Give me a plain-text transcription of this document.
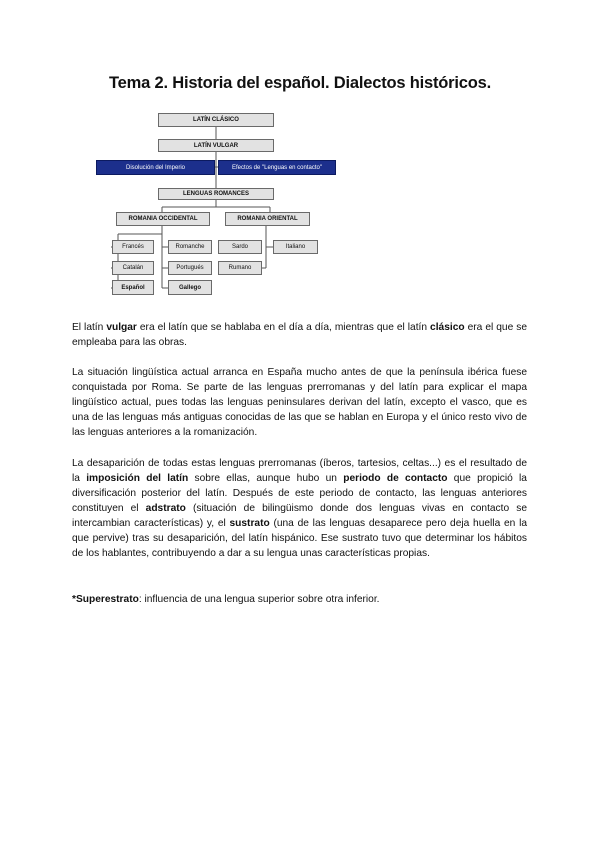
Tema 2. Historia del español. Dialectos históricos.
LATÍN CLÁSICO
LATÍN VULGAR
Disolución del Imperio	Efectos de "Lenguas en contacto"
LENGUAS ROMANCES
ROMANIA OCCIDENTAL	ROMANIA ORIENTAL
Francés	Romanche
Catalán	Portugués
Español	Gallego
Sardo	Italiano
Rumano

El latín vulgar era el latín que se hablaba en el día a día, mientras que el latín clásico era el que se empleaba para las obras.

La situación lingüística actual arranca en España mucho antes de que la península ibérica fuese conquistada por Roma. Se parte de las lenguas prerromanas y del latín para explicar el mapa lingüístico actual, pues todas las lenguas peninsulares derivan del latín, excepto el vasco, que es una de las lenguas más antiguas conocidas de las que se hablan en Europa y el único resto vivo de las lenguas anteriores a la romanización.

La desaparición de todas estas lenguas prerromanas (íberos, tartesios, celtas...) es el resultado de la imposición del latín sobre ellas, aunque hubo un periodo de contacto que propició la diversificación posterior del latín. Después de este periodo de contacto, las lenguas anteriores constituyen el adstrato (situación de bilingüismo donde dos lenguas vivas en contacto se intercambian características) y, el sustrato (una de las lenguas desaparece pero deja huella en la que pervive) tras su desaparición, del latín hispánico. Ese sustrato tuvo que determinar los hábitos de los hablantes, contribuyendo a dar a su lengua unas características propias.

*Superestrato: influencia de una lengua superior sobre otra inferior.
